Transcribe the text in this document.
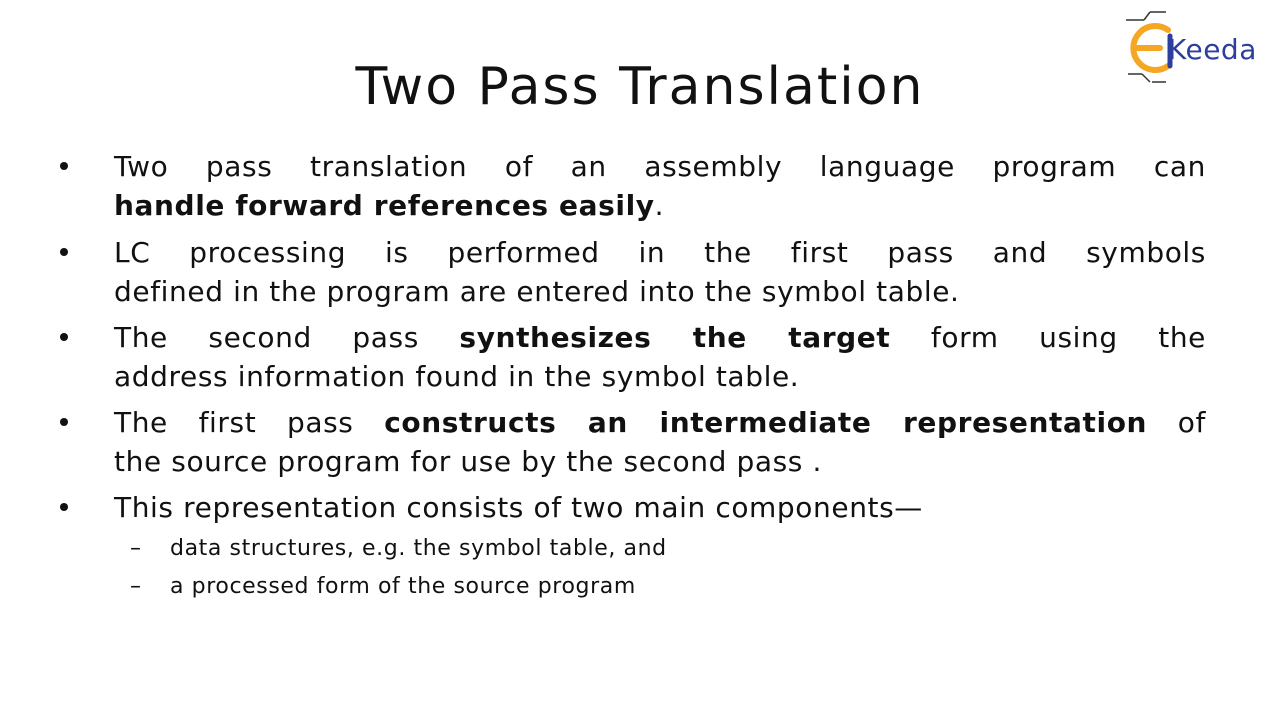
Keeda
Two Pass Translation
Two pass translation of an assembly language program can
handle forward references easily.
LC processing is performed in the first pass and symbols
defined in the program are entered into the symbol table.
The second pass synthesizes the target form using the
address information found in the symbol table.
The first pass constructs an intermediate representation of
the source program for use by the second pass .
This representation consists of two main components—
– data structures, e.g. the symbol table, and
– a processed form of the source program
